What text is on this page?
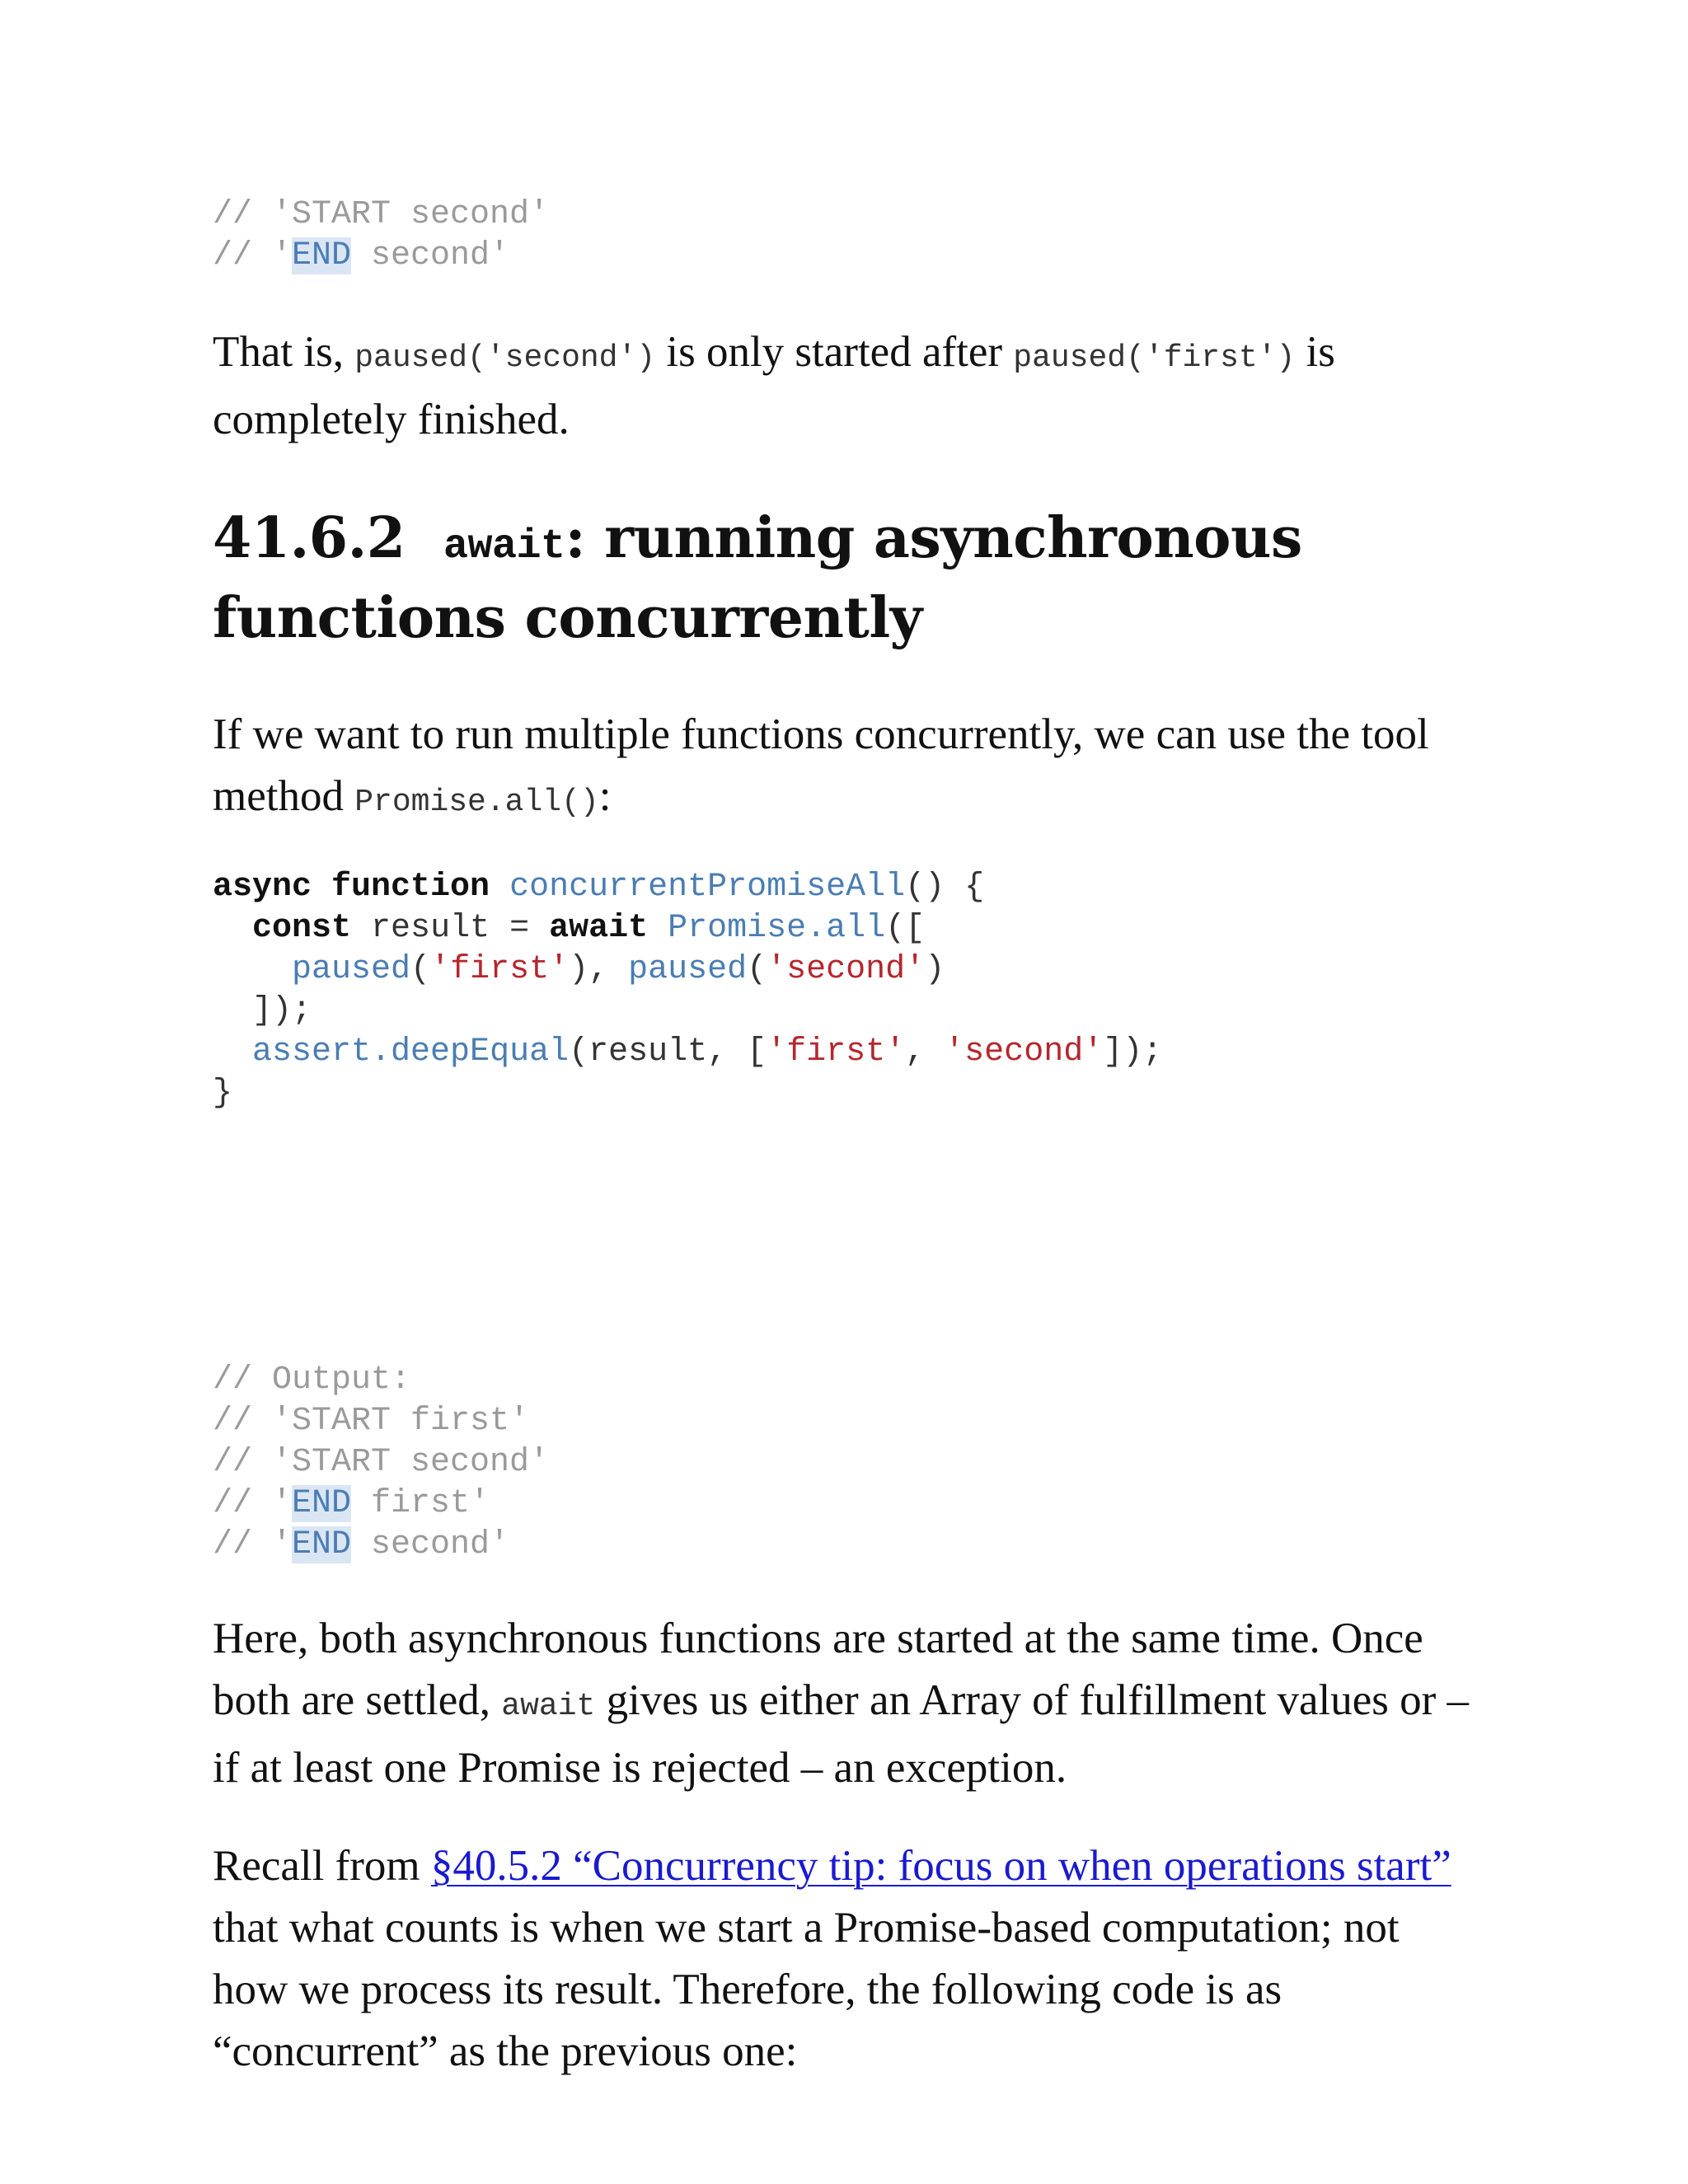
// 'START second'
// 'END second'

That is, paused('second') is only started after paused('first') is completely finished.

41.6.2 await: running asynchronous functions concurrently

If we want to run multiple functions concurrently, we can use the tool method Promise.all():

async function concurrentPromiseAll() {
const result = await Promise.all([
paused('first'), paused('second')
]);
assert.deepEqual(result, ['first', 'second']);
}
// Output:
// 'START first'
// 'START second'
// 'END first'
// 'END second'

Here, both asynchronous functions are started at the same time. Once both are settled, await gives us either an Array of fulfillment values or – if at least one Promise is rejected – an exception.

Recall from §40.5.2 “Concurrency tip: focus on when operations start” that what counts is when we start a Promise-based computation; not how we process its result. Therefore, the following code is as “concurrent” as the previous one:
